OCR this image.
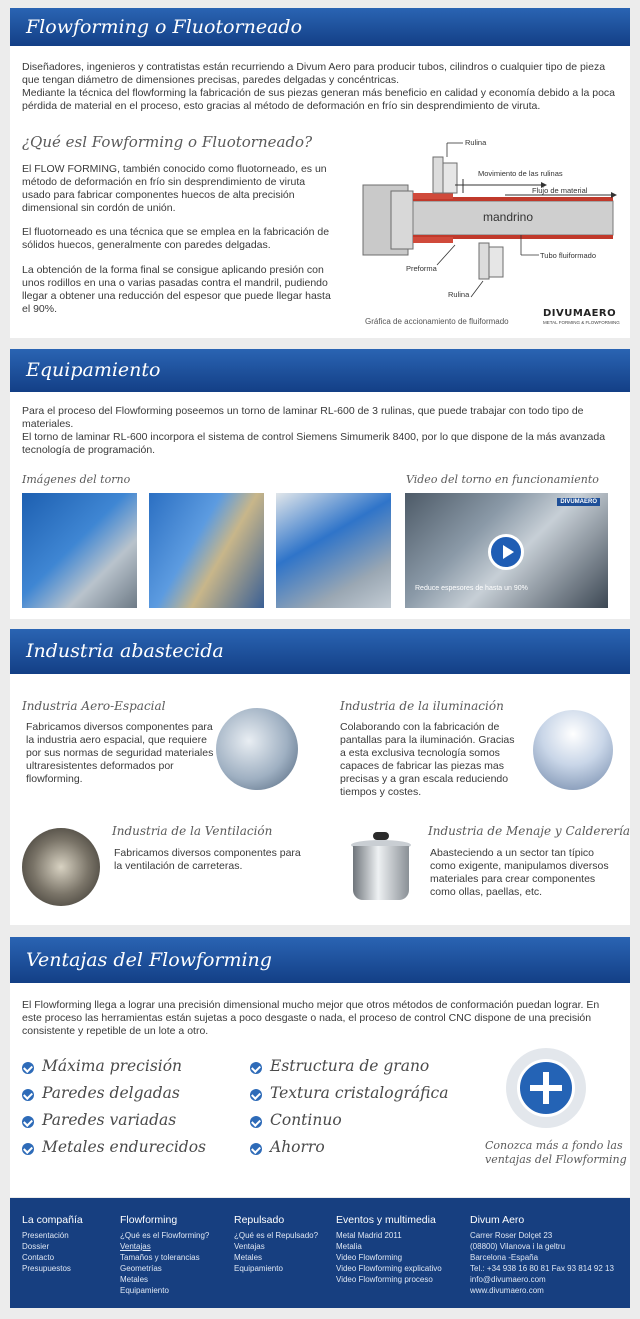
Flowforming o Fluotorneado
Diseñadores, ingenieros y contratistas están recurriendo a Divum Aero para producir tubos, cilindros o cualquier tipo de pieza que tengan diámetro de dimensiones precisas, paredes delgadas y concéntricas.
Mediante la técnica del flowforming la fabricación de sus piezas generan más beneficio en calidad y economía debido a la poca pérdida de material en el proceso, esto gracias al método de deformación en frío sin desprendimiento de viruta.
¿Qué esl Fowforming o Fluotorneado?
El FLOW FORMING, también conocido como fluotorneado, es un método de deformación en frío sin desprendimiento de viruta usado para fabricar componentes huecos de alta precisión dimensional sin cordón de unión.
El fluotorneado es una técnica que se emplea en la fabricación de sólidos huecos, generalmente con paredes delgadas.
La obtención de la forma final se consigue aplicando presión con unos rodillos en una o varias pasadas contra el mandril, pudiendo llegar a obtener una reducción del espesor que puede llegar hasta el 90%.
Rulina
Movimiento de las rulinas
Flujo de material
mandrino
Preforma
Tubo fluiformado
Rulina
Gráfica de accionamiento de fluiformado
DIVUMAERO
METAL FORMING & FLOWFORMING
Equipamiento
Para el proceso del Flowforming poseemos un torno de laminar RL-600 de 3 rulinas, que puede trabajar con todo tipo de materiales.
El torno de laminar RL-600 incorpora el sistema de control Siemens Simumerik 8400, por lo que dispone de la más avanzada tecnología de programación.
Imágenes del torno	Video del torno en funcionamiento
DIVUMAERO
Reduce espesores de hasta un 90%
Industria abastecida
Industria Aero-Espacial
Fabricamos diversos componentes para la industria aero espacial, que requiere por sus normas de seguridad materiales ultraresistentes deformados por flowforming.
Industria de la iluminación
Colaborando con la fabricación de pantallas para la iluminación. Gracias a esta exclusiva tecnología somos capaces de fabricar las piezas mas precisas y a gran escala reduciendo tiempos y costes.
Industria de la Ventilación
Fabricamos diversos componentes para la ventilación de carreteras.
Industria de Menaje y Calderería
Abasteciendo a un sector tan típico como exigente, manipulamos diversos materiales para crear componentes como ollas, paellas, etc.
Ventajas del Flowforming
El Flowforming llega a lograr una precisión dimensional mucho mejor que otros métodos de conformación puedan lograr. En este proceso las herramientas están sujetas a poco desgaste o nada, el proceso de control CNC dispone de una precisión consistente y repetible de un lote a otro.
Máxima precisión
Paredes delgadas
Paredes variadas
Metales endurecidos
Estructura de grano
Textura cristalográfica
Continuo
Ahorro	Conozca más a fondo las
ventajas del Flowforming
La compañía
Presentación
Dossier
Contacto
Presupuestos
Flowforming
¿Qué es el Flowforming?
Ventajas
Tamaños y tolerancias
Geometrías
Metales
Equipamiento
Repulsado
¿Qué es el Repulsado?
Ventajas
Metales
Equipamiento
Eventos y multimedia
Metal Madrid 2011
Metalia
Video Flowforming
Video Flowforming explicativo
Video Flowforming proceso
Divum Aero
Carrer Roser Dolçet 23
(08800) Vilanova i la geltru
Barcelona -España
Tel.: +34 938 16 80 81 Fax 93 814 92 13
info@divumaero.com
www.divumaero.com
